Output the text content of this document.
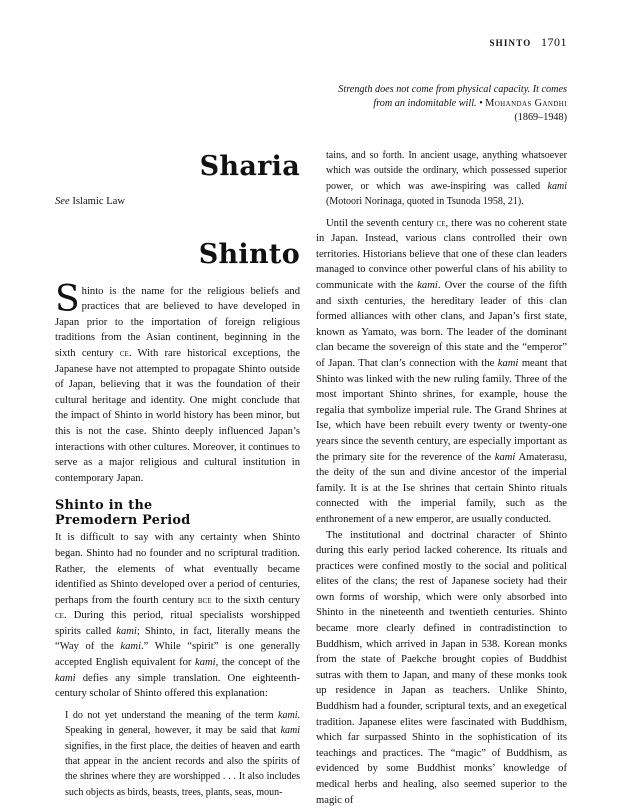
SHINTO 1701
Strength does not come from physical capacity. It comes
from an indomitable will. • Mohandas Gandhi
(1869–1948)
Sharia
See Islamic Law
Shinto

Shinto is the name for the religious beliefs and practices that are believed to have developed in Japan prior to the importation of foreign religious traditions from the Asian continent, beginning in the sixth century ce. With rare historical exceptions, the Japanese have not attempted to propagate Shinto outside of Japan, believing that it was the foundation of their cultural heritage and identity. One might conclude that the impact of Shinto in world history has been minor, but this is not the case. Shinto deeply influenced Japan’s interactions with other cultures. Moreover, it continues to serve as a major religious and cultural institution in contemporary Japan.

Shinto in the
Premodern Period

It is difficult to say with any certainty when Shinto began. Shinto had no founder and no scriptural tradition. Rather, the elements of what eventually became identified as Shinto developed over a period of centuries, perhaps from the fourth century bce to the sixth century ce. During this period, ritual specialists worshipped spirits called kami; Shinto, in fact, literally means the “Way of the kami.” While “spirit” is one generally accepted English equivalent for kami, the concept of the kami defies any simple translation. One eighteenth-century scholar of Shinto offered this explanation:

I do not yet understand the meaning of the term kami. Speaking in general, however, it may be said that kami signifies, in the first place, the deities of heaven and earth that appear in the ancient records and also the spirits of the shrines where they are worshipped . . . It also includes such objects as birds, beasts, trees, plants, seas, moun-

tains, and so forth. In ancient usage, anything whatsoever which was outside the ordinary, which possessed superior power, or which was awe-inspiring was called kami (Motoori Norinaga, quoted in Tsunoda 1958, 21).

Until the seventh century ce, there was no coherent state in Japan. Instead, various clans controlled their own territories. Historians believe that one of these clan leaders managed to convince other powerful clans of his ability to communicate with the kami. Over the course of the fifth and sixth centuries, the hereditary leader of this clan formed alliances with other clans, and Japan’s first state, known as Yamato, was born. The leader of the dominant clan became the sovereign of this state and the “emperor” of Japan. That clan’s connection with the kami meant that Shinto was linked with the new ruling family. Three of the most important Shinto shrines, for example, house the regalia that symbolize imperial rule. The Grand Shrines at Ise, which have been rebuilt every twenty or twenty-one years since the seventh century, are especially important as the primary site for the reverence of the kami Amaterasu, the deity of the sun and divine ancestor of the imperial family. It is at the Ise shrines that certain Shinto rituals connected with the imperial family, such as the enthronement of a new emperor, are usually conducted.

The institutional and doctrinal character of Shinto during this early period lacked coherence. Its rituals and practices were confined mostly to the social and political elites of the clans; the rest of Japanese society had their own forms of worship, which were only absorbed into Shinto in the nineteenth and twentieth centuries. Shinto became more clearly defined in contradistinction to Buddhism, which arrived in Japan in 538. Korean monks from the state of Paekche brought copies of Buddhist sutras with them to Japan, and many of these monks took up residence in Japan as teachers. Unlike Shinto, Buddhism had a founder, scriptural texts, and an exegetical tradition. Japanese elites were fascinated with Buddhism, which far surpassed Shinto in the sophistication of its teachings and practices. The “magic” of Buddhism, as evidenced by some Buddhist monks’ knowledge of medical herbs and healing, also seemed superior to the magic of
